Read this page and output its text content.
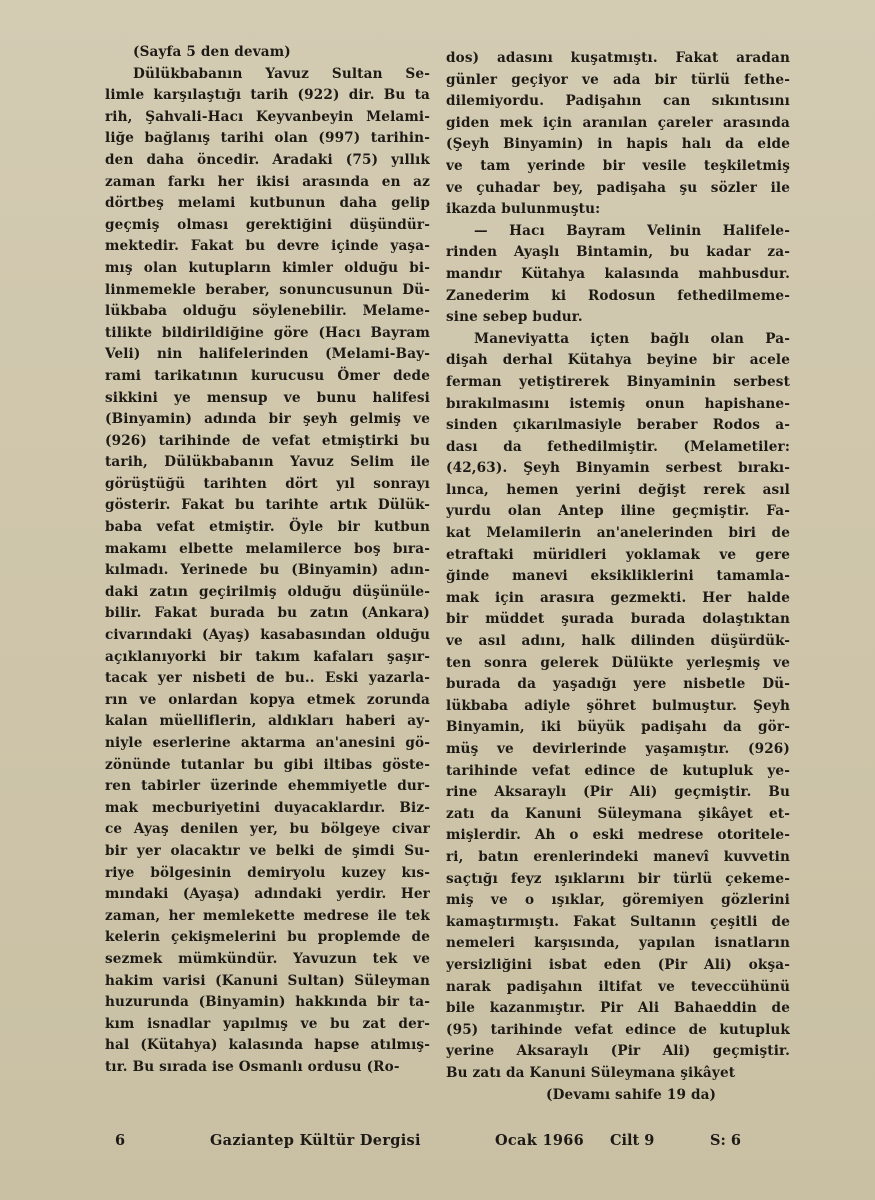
(Sayfa 5 den devam)
Dülükbabanın Yavuz Sultan Se-
limle karşılaştığı tarih (922) dir. Bu ta
rih, Şahvali-Hacı Keyvanbeyin Melami-
liğe bağlanış tarihi olan (997) tarihin-
den daha öncedir. Aradaki (75) yıllık
zaman farkı her ikisi arasında en az
dörtbeş melami kutbunun daha gelip
geçmiş olması gerektiğini düşündür-
mektedir. Fakat bu devre içinde yaşa-
mış olan kutupların kimler olduğu bi-
linmemekle beraber, sonuncusunun Dü-
lükbaba olduğu söylenebilir. Melame-
tilikte bildirildiğine göre (Hacı Bayram
Veli) nin halifelerinden (Melami-Bay-
rami tarikatının kurucusu Ömer dede
sikkini ye mensup ve bunu halifesi
(Binyamin) adında bir şeyh gelmiş ve
(926) tarihinde de vefat etmiştirki bu
tarih, Dülükbabanın Yavuz Selim ile
görüştüğü tarihten dört yıl sonrayı
gösterir. Fakat bu tarihte artık Dülük-
baba vefat etmiştir. Öyle bir kutbun
makamı elbette melamilerce boş bıra-
kılmadı. Yerinede bu (Binyamin) adın-
daki zatın geçirilmiş olduğu düşünüle-
bilir. Fakat burada bu zatın (Ankara)
civarındaki (Ayaş) kasabasından olduğu
açıklanıyorki bir takım kafaları şaşır-
tacak yer nisbeti de bu.. Eski yazarla-
rın ve onlardan kopya etmek zorunda
kalan müelliflerin, aldıkları haberi ay-
niyle eserlerine aktarma an'anesini gö-
zönünde tutanlar bu gibi iltibas göste-
ren tabirler üzerinde ehemmiyetle dur-
mak mecburiyetini duyacaklardır. Biz-
ce Ayaş denilen yer, bu bölgeye civar
bir yer olacaktır ve belki de şimdi Su-
riye bölgesinin demiryolu kuzey kıs-
mındaki (Ayaşa) adındaki yerdir. Her
zaman, her memlekette medrese ile tek
kelerin çekişmelerini bu proplemde de
sezmek mümkündür. Yavuzun tek ve
hakim varisi (Kanuni Sultan) Süleyman
huzurunda (Binyamin) hakkında bir ta-
kım isnadlar yapılmış ve bu zat der-
hal (Kütahya) kalasında hapse atılmış-
tır. Bu sırada ise Osmanlı ordusu (Ro-
dos) adasını kuşatmıştı. Fakat aradan
günler geçiyor ve ada bir türlü fethe-
dilemiyordu. Padişahın can sıkıntısını
giden mek için aranılan çareler arasında
(Şeyh Binyamin) in hapis halı da elde
ve tam yerinde bir vesile teşkiletmiş
ve çuhadar bey, padişaha şu sözler ile
ikazda bulunmuştu:
— Hacı Bayram Velinin Halifele-
rinden Ayaşlı Bintamin, bu kadar za-
mandır Kütahya kalasında mahbusdur.
Zanederim ki Rodosun fethedilmeme-
sine sebep budur.
Maneviyatta içten bağlı olan Pa-
dişah derhal Kütahya beyine bir acele
ferman yetiştirerek Binyaminin serbest
bırakılmasını istemiş onun hapishane-
sinden çıkarılmasiyle beraber Rodos a-
dası da fethedilmiştir. (Melametiler:
(42,63). Şeyh Binyamin serbest bırakı-
lınca, hemen yerini değişt rerek asıl
yurdu olan Antep iline geçmiştir. Fa-
kat Melamilerin an'anelerinden biri de
etraftaki müridleri yoklamak ve gere
ğinde manevi eksikliklerini tamamla-
mak için arasıra gezmekti. Her halde
bir müddet şurada burada dolaştıktan
ve asıl adını, halk dilinden düşürdük-
ten sonra gelerek Dülükte yerleşmiş ve
burada da yaşadığı yere nisbetle Dü-
lükbaba adiyle şöhret bulmuştur. Şeyh
Binyamin, iki büyük padişahı da gör-
müş ve devirlerinde yaşamıştır. (926)
tarihinde vefat edince de kutupluk ye-
rine Aksaraylı (Pir Ali) geçmiştir. Bu
zatı da Kanuni Süleymana şikâyet et-
mişlerdir. Ah o eski medrese otoritele-
ri, batın erenlerindeki manevî kuvvetin
saçtığı feyz ışıklarını bir türlü çekeme-
miş ve o ışıklar, göremiyen gözlerini
kamaştırmıştı. Fakat Sultanın çeşitli de
nemeleri karşısında, yapılan isnatların
yersizliğini isbat eden (Pir Ali) okşa-
narak padişahın iltifat ve teveccühünü
bile kazanmıştır. Pir Ali Bahaeddin de
(95) tarihinde vefat edince de kutupluk
yerine Aksaraylı (Pir Ali) geçmiştir.
Bu zatı da Kanuni Süleymana şikâyet
(Devamı sahife 19 da)
6	Gaziantep Kültür Dergisi	Ocak 1966 Cilt 9	S: 6
